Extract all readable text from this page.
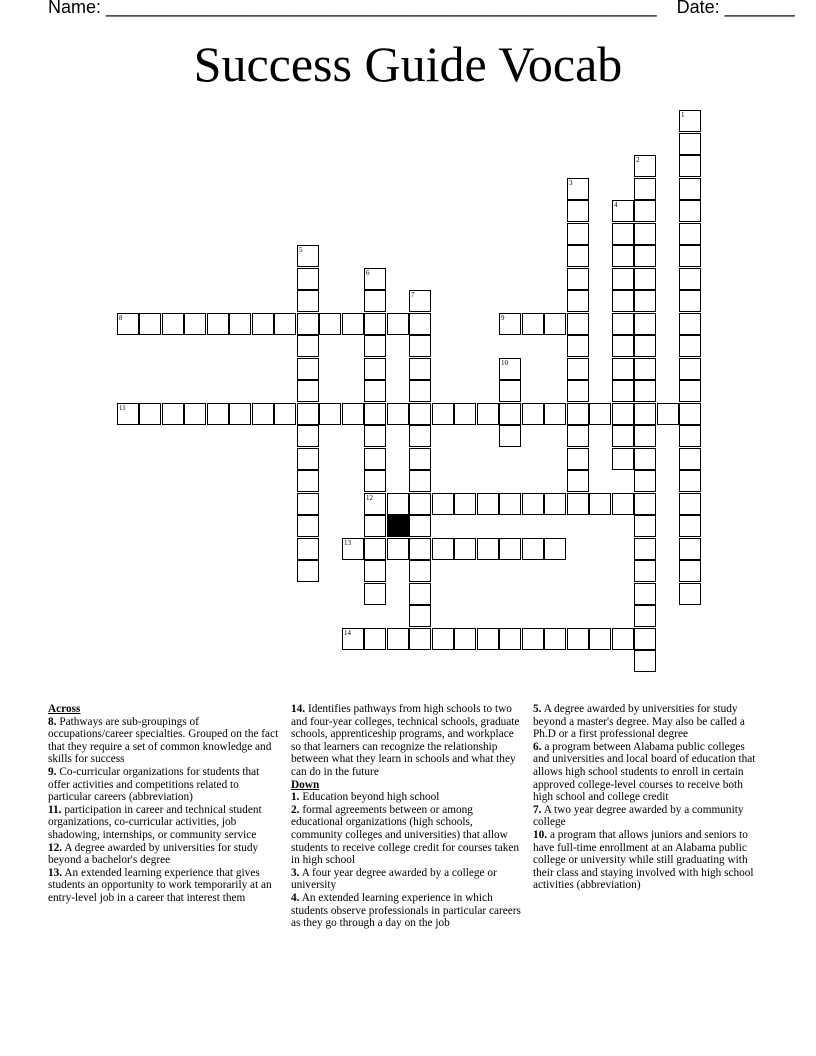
Name: _______________________________________________________ Date: _______
Success Guide Vocab
1
2
3
4
5
6
12
7
8	9
10
11
13
14
Across
8. Pathways are sub-groupings of occupations/career specialties. Grouped on the fact that they require a set of common knowledge and skills for success
9. Co-curricular organizations for students that offer activities and competitions related to particular careers (abbreviation)
11. participation in career and technical student organizations, co-curricular activities, job shadowing, internships, or community service
12. A degree awarded by universities for study beyond a bachelor's degree
13. An extended learning experience that gives students an opportunity to work temporarily at an entry-level job in a career that interest them
14. Identifies pathways from high schools to two and four-year colleges, technical schools, graduate schools, apprenticeship programs, and workplace so that learners can recognize the relationship between what they learn in schools and what they can do in the future
Down
1. Education beyond high school
2. formal agreements between or among educational organizations (high schools, community colleges and universities) that allow students to receive college credit for courses taken in high school
3. A four year degree awarded by a college or university
4. An extended learning experience in which students observe professionals in particular careers as they go through a day on the job
5. A degree awarded by universities for study beyond a master's degree. May also be called a Ph.D or a first professional degree
6. a program between Alabama public colleges and universities and local board of education that allows high school students to enroll in certain approved college-level courses to receive both high school and college credit
7. A two year degree awarded by a community college
10. a program that allows juniors and seniors to have full-time enrollment at an Alabama public college or university while still graduating with their class and staying involved with high school activities (abbreviation)
